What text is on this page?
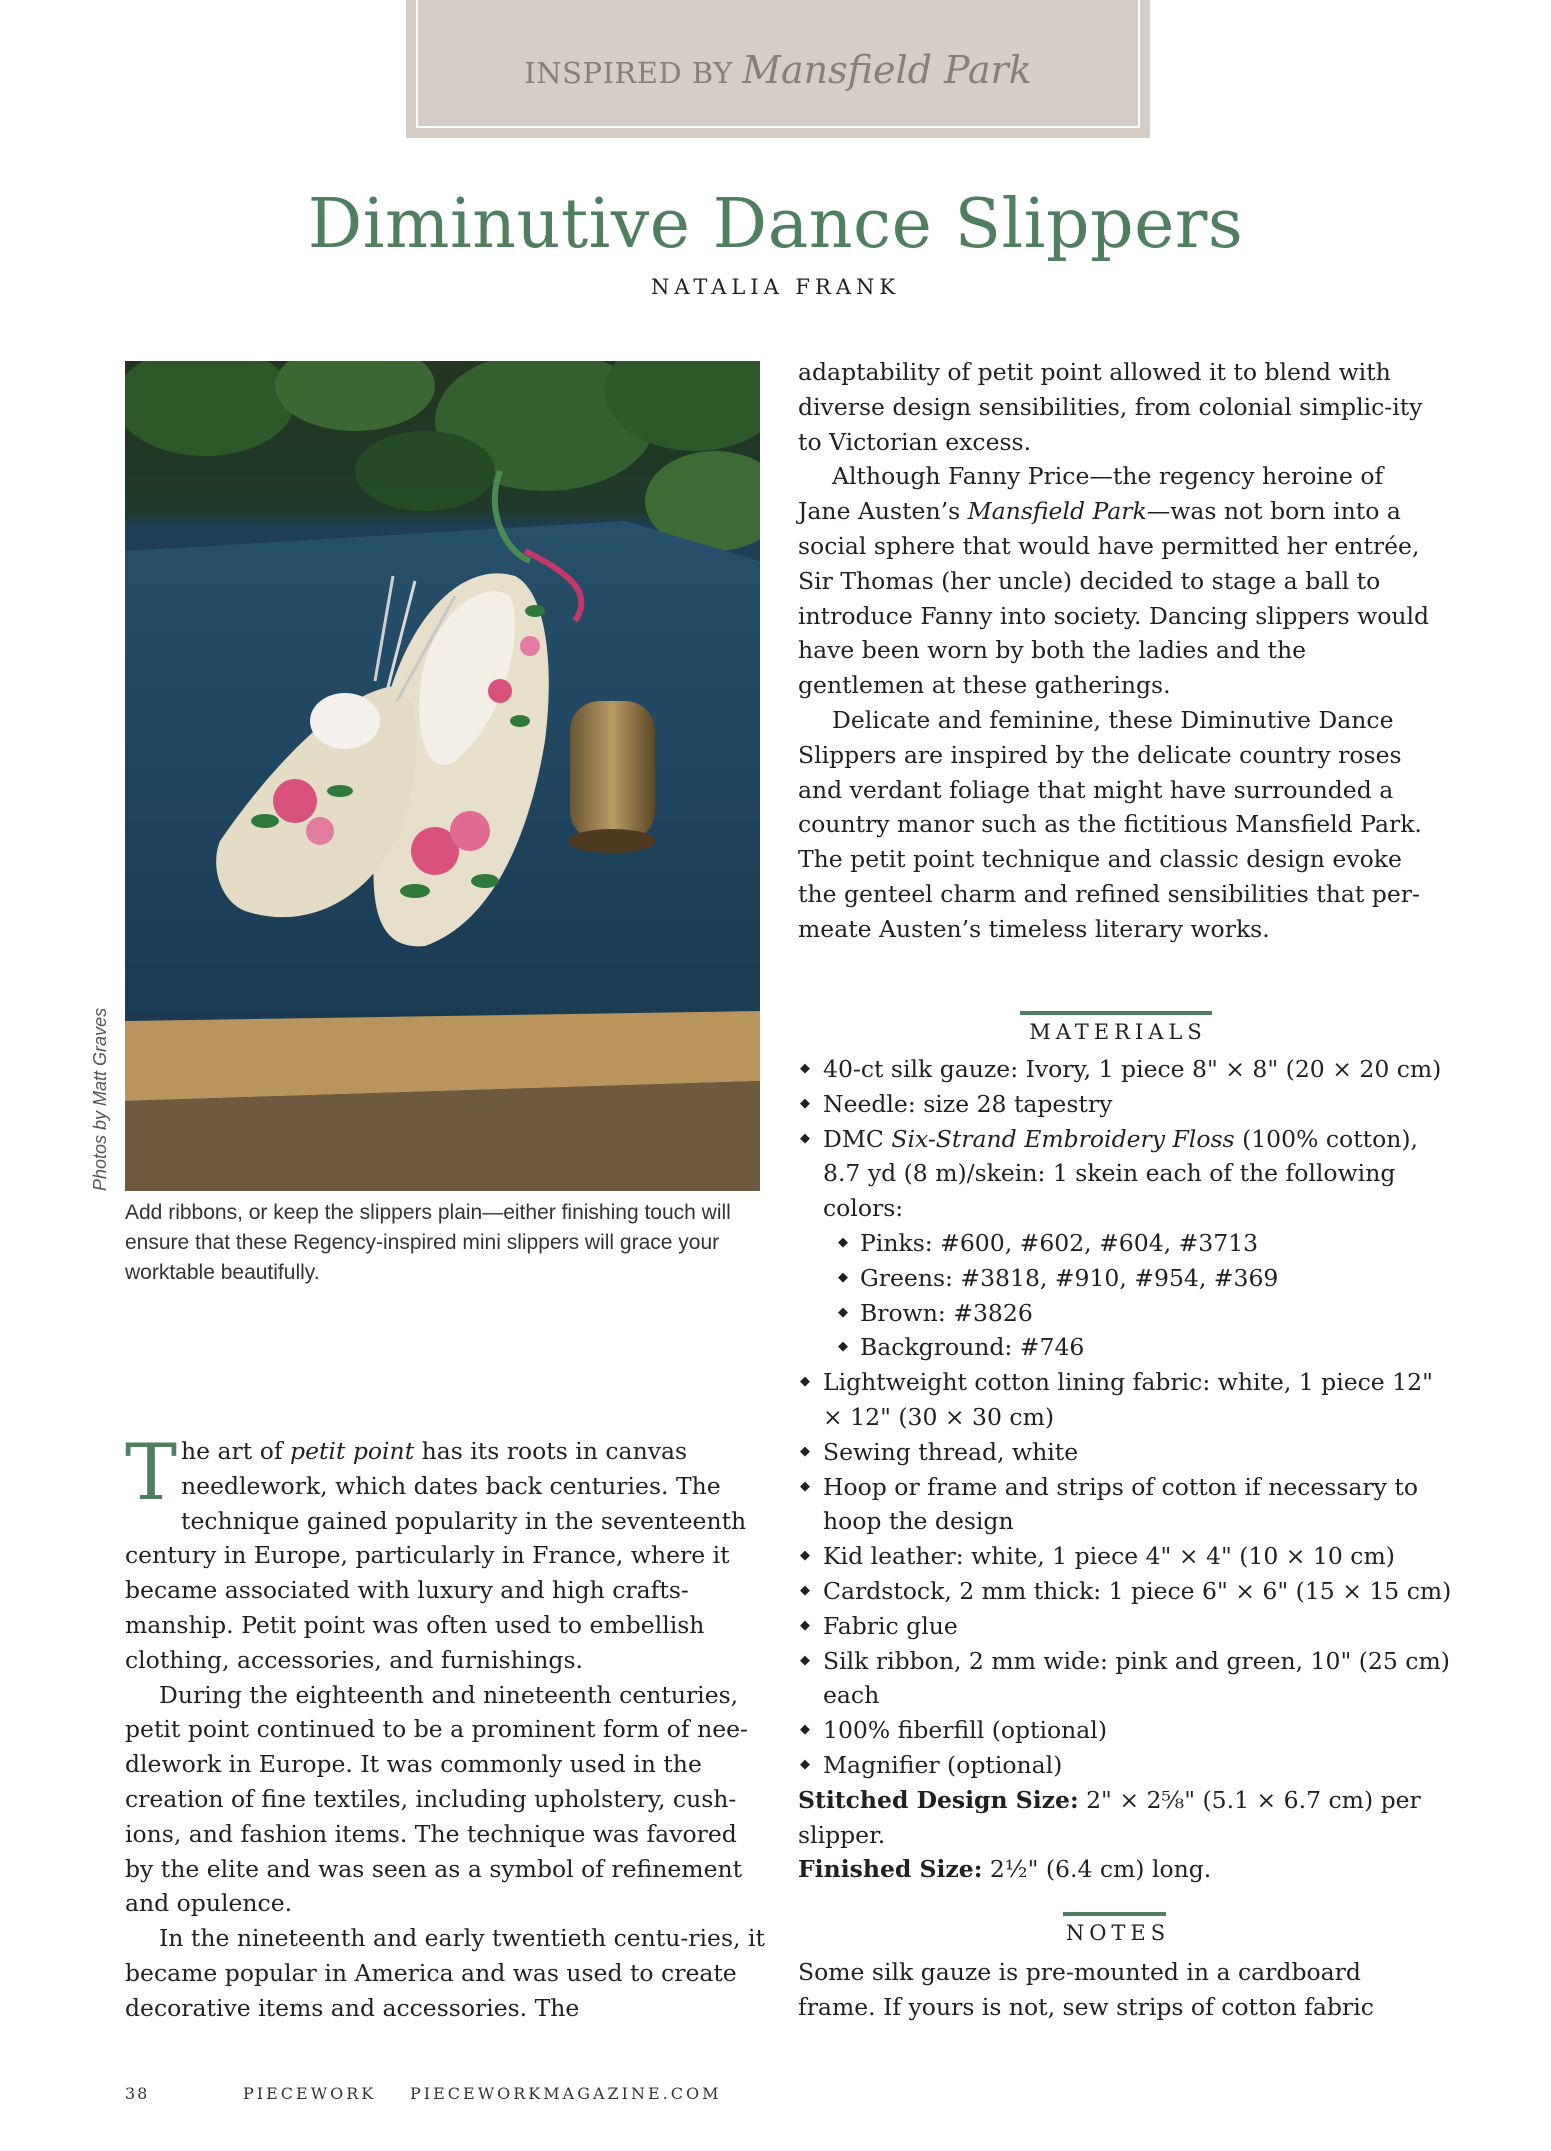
INSPIRED BY Mansfield Park
Diminutive Dance Slippers
NATALIA FRANK
Photos by Matt Graves
Add ribbons, or keep the slippers plain—either finishing touch will ensure that these Regency-inspired mini slippers will grace your worktable beautifully.

adaptability of petit point allowed it to blend with diverse design sensibilities, from colonial simplic-ity to Victorian excess.

Although Fanny Price—the regency heroine of Jane Austen’s Mansfield Park—was not born into a social sphere that would have permitted her entrée, Sir Thomas (her uncle) decided to stage a ball to introduce Fanny into society. Dancing slippers would have been worn by both the ladies and the gentlemen at these gatherings.

Delicate and feminine, these Diminutive Dance Slippers are inspired by the delicate country roses and verdant foliage that might have surrounded a country manor such as the fictitious Mansfield Park. The petit point technique and classic design evoke the genteel charm and refined sensibilities that per-meate Austen’s timeless literary works.

MATERIALS
◆ 40-ct silk gauze: Ivory, 1 piece 8" × 8" (20 × 20 cm)
◆ Needle: size 28 tapestry
◆ DMC Six-Strand Embroidery Floss (100% cotton), 8.7 yd (8 m)/skein: 1 skein each of the following colors:
◆ Pinks: #600, #602, #604, #3713
◆ Greens: #3818, #910, #954, #369
◆ Brown: #3826
◆ Background: #746
◆ Lightweight cotton lining fabric: white, 1 piece 12" × 12" (30 × 30 cm)
◆ Sewing thread, white
◆ Hoop or frame and strips of cotton if necessary to hoop the design
◆ Kid leather: white, 1 piece 4" × 4" (10 × 10 cm)
◆ Cardstock, 2 mm thick: 1 piece 6" × 6" (15 × 15 cm)
◆ Fabric glue
◆ Silk ribbon, 2 mm wide: pink and green, 10" (25 cm) each
◆ 100% fiberfill (optional)
◆ Magnifier (optional)
Stitched Design Size: 2" × 2⅝" (5.1 × 6.7 cm) per slipper.
Finished Size: 2½" (6.4 cm) long.
NOTES
Some silk gauze is pre-mounted in a cardboard frame. If yours is not, sew strips of cotton fabric

The art of petit point has its roots in canvas needlework, which dates back centuries. The technique gained popularity in the seventeenth century in Europe, particularly in France, where it became associated with luxury and high crafts-manship. Petit point was often used to embellish clothing, accessories, and furnishings.

During the eighteenth and nineteenth centuries, petit point continued to be a prominent form of nee-dlework in Europe. It was commonly used in the creation of fine textiles, including upholstery, cush-ions, and fashion items. The technique was favored by the elite and was seen as a symbol of refinement and opulence.

In the nineteenth and early twentieth centu-ries, it became popular in America and was used to create decorative items and accessories. The

38	PIECEWORK PIECEWORKMAGAZINE.COM
